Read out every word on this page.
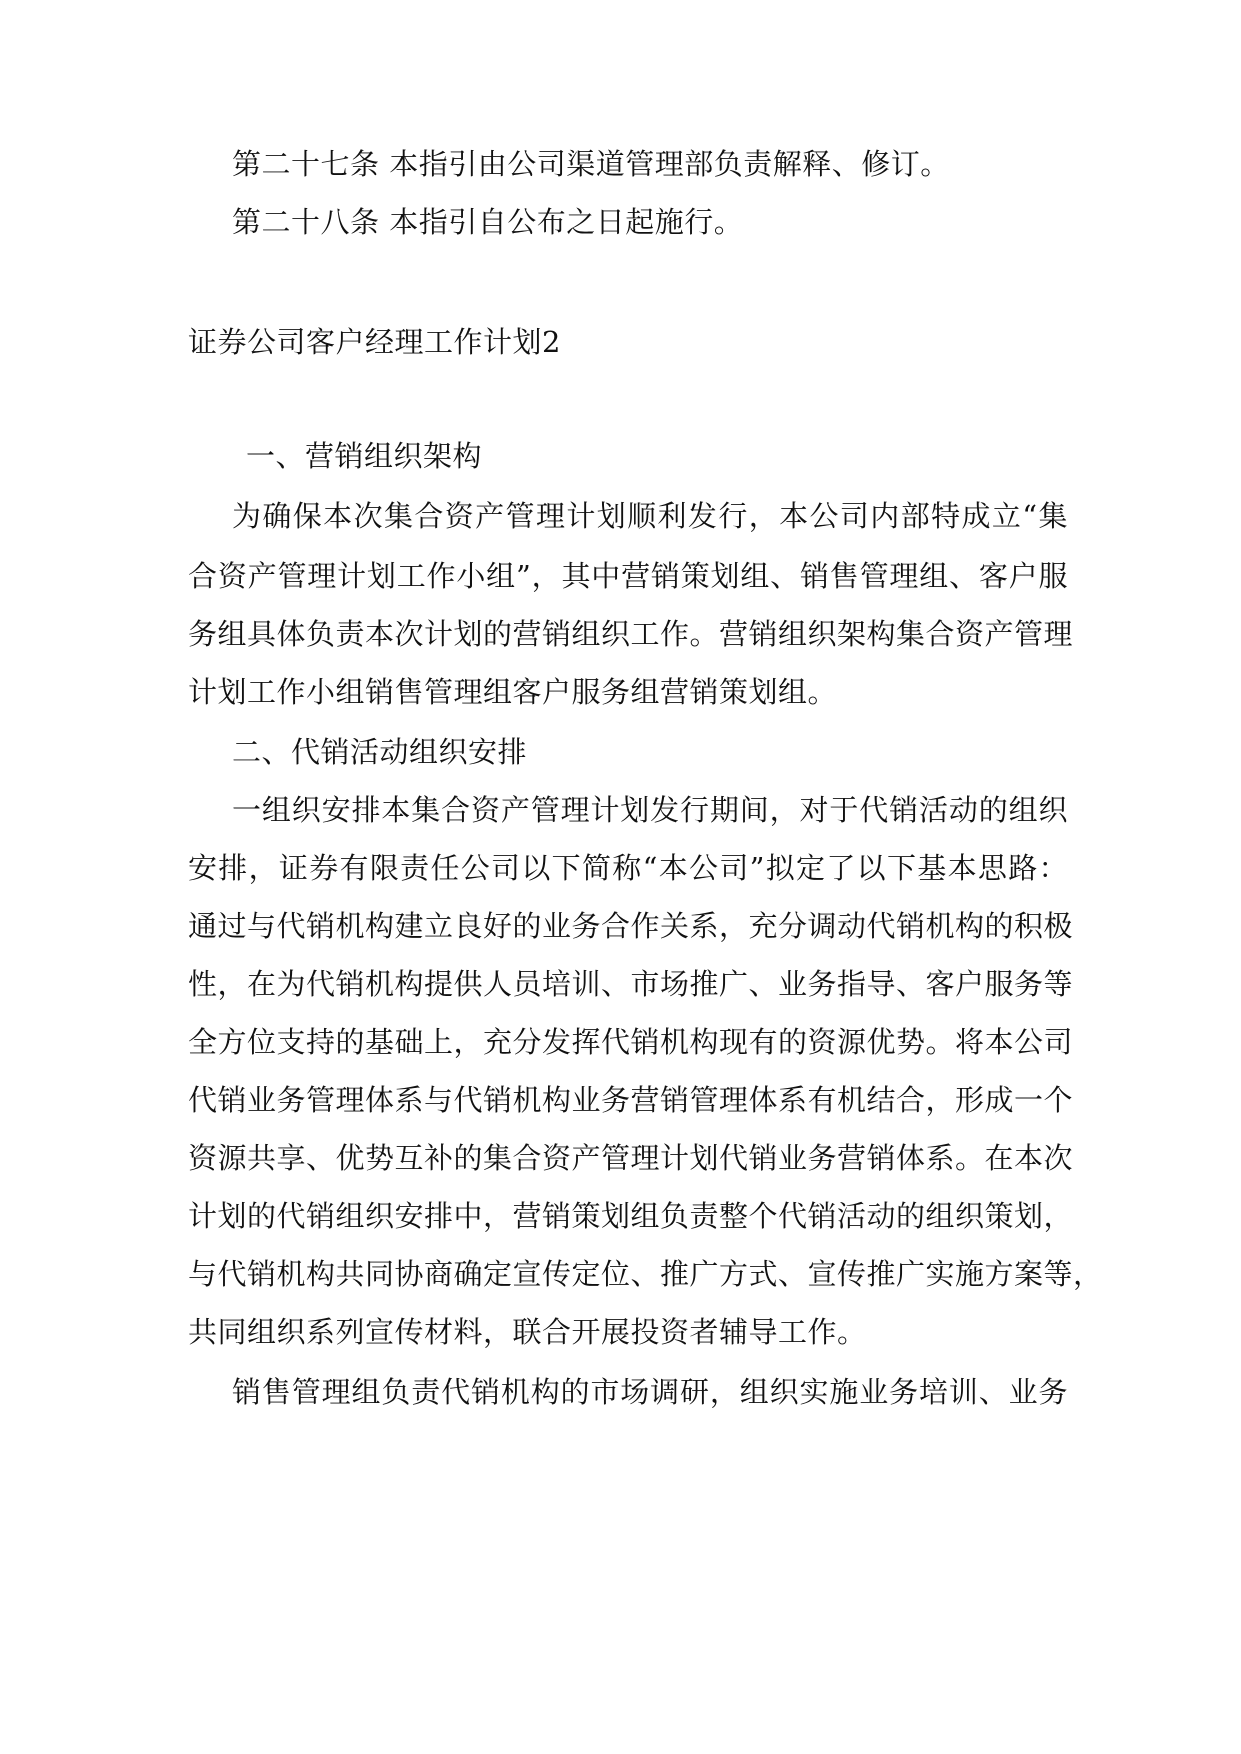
第二十七条 本指引由公司渠道管理部负责解释、修订。
第二十八条 本指引自公布之日起施行。
证券公司客户经理工作计划2
一、营销组织架构
为确保本次集合资产管理计划顺利发行，本公司内部特成立“集
合资产管理计划工作小组”，其中营销策划组、销售管理组、客户服
务组具体负责本次计划的营销组织工作。营销组织架构集合资产管理
计划工作小组销售管理组客户服务组营销策划组。
二、代销活动组织安排
一组织安排本集合资产管理计划发行期间，对于代销活动的组织
安排，证券有限责任公司以下简称“本公司”拟定了以下基本思路：
通过与代销机构建立良好的业务合作关系，充分调动代销机构的积极
性，在为代销机构提供人员培训、市场推广、业务指导、客户服务等
全方位支持的基础上，充分发挥代销机构现有的资源优势。将本公司
代销业务管理体系与代销机构业务营销管理体系有机结合，形成一个
资源共享、优势互补的集合资产管理计划代销业务营销体系。在本次
计划的代销组织安排中，营销策划组负责整个代销活动的组织策划，
与代销机构共同协商确定宣传定位、推广方式、宣传推广实施方案等，
共同组织系列宣传材料，联合开展投资者辅导工作。
销售管理组负责代销机构的市场调研，组织实施业务培训、业务
